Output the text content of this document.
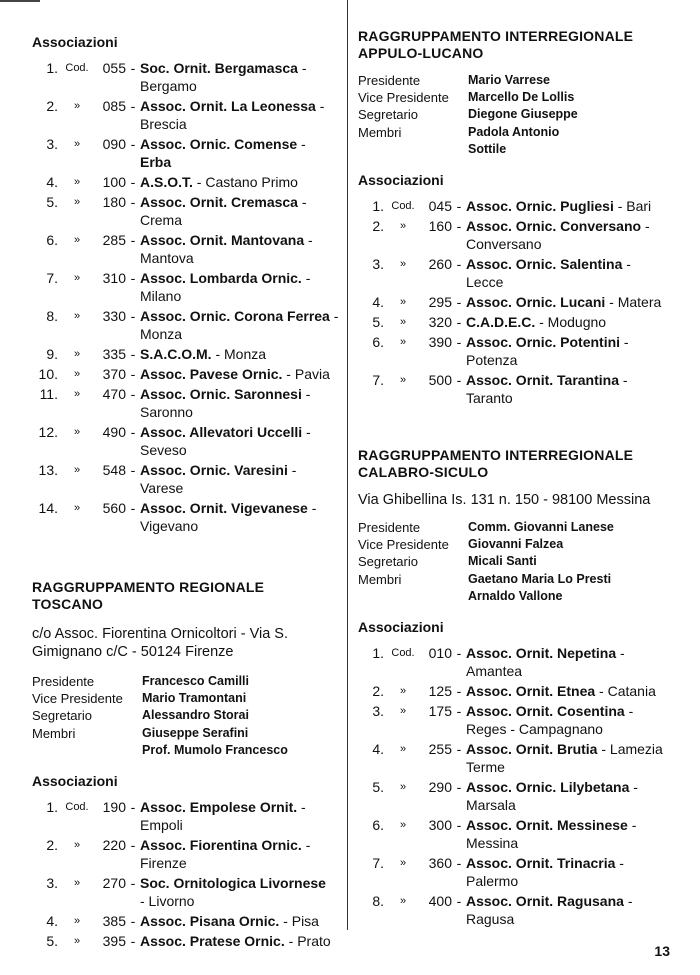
Associazioni
1. Cod.	055 - Soc. Ornit. Bergamasca -
Bergamo
2.	»	085 - Assoc. Ornit. La Leonessa -
Brescia
3.	»	090 - Assoc. Ornic. Comense -
Erba
4.	»	100 - A.S.O.T. - Castano Primo
5.	»	180 - Assoc. Ornit. Cremasca -
Crema
6.	»	285 - Assoc. Ornit. Mantovana -
Mantova
7.	»	310 - Assoc. Lombarda Ornic. -
Milano
8.	»	330 - Assoc. Ornic. Corona Ferrea - Monza
9.	»	335 - S.A.C.O.M. - Monza
10.	»	370 - Assoc. Pavese Ornic. - Pavia
11.	»	470 - Assoc. Ornic. Saronnesi -
Saronno
12.	»	490 - Assoc. Allevatori Uccelli -
Seveso
13.	»	548 - Assoc. Ornic. Varesini - Varese
14.	»	560 - Assoc. Ornit. Vigevanese -
Vigevano
RAGGRUPPAMENTO REGIONALE
TOSCANO
c/o Assoc. Fiorentina Ornicoltori - Via S. Gimignano c/C - 50124 Firenze
Presidente	Francesco Camilli
Vice Presidente	Mario Tramontani
Segretario	Alessandro Storai
Membri	Giuseppe Serafini
Prof. Mumolo Francesco
Associazioni
1. Cod.	190 - Assoc. Empolese Ornit. -
Empoli
2.	»	220 - Assoc. Fiorentina Ornic. -
Firenze
3.	»	270 - Soc. Ornitologica Livornese
- Livorno
4.	»	385 - Assoc. Pisana Ornic. - Pisa
5.	»	395 - Assoc. Pratese Ornic. - Prato
RAGGRUPPAMENTO INTERREGIONALE
APPULO-LUCANO
Presidente	Mario Varrese
Vice Presidente	Marcello De Lollis
Segretario	Diegone Giuseppe
Membri	Padola Antonio
Sottile
Associazioni
1. Cod.	045 - Assoc. Ornic. Pugliesi - Bari
2.	»	160 - Assoc. Ornic. Conversano -
Conversano
3.	»	260 - Assoc. Ornic. Salentina -
Lecce
4.	»	295 - Assoc. Ornic. Lucani - Matera
5.	»	320 - C.A.D.E.C. - Modugno
6.	»	390 - Assoc. Ornic. Potentini - Potenza
7.	»	500 - Assoc. Ornit. Tarantina - Taranto
RAGGRUPPAMENTO INTERREGIONALE
CALABRO-SICULO
Via Ghibellina Is. 131 n. 150 - 98100 Messina
Presidente	Comm. Giovanni Lanese
Vice Presidente	Giovanni Falzea
Segretario	Micali Santi
Membri	Gaetano Maria Lo Presti
Arnaldo Vallone
Associazioni
1. Cod.	010 - Assoc. Ornit. Nepetina - Amantea
2.	»	125 - Assoc. Ornit. Etnea - Catania
3.	»	175 - Assoc. Ornit. Cosentina -
Reges - Campagnano
4.	»	255 - Assoc. Ornit. Brutia - Lamezia Terme
5.	»	290 - Assoc. Ornic. Lilybetana -
Marsala
6.	»	300 - Assoc. Ornit. Messinese -
Messina
7.	»	360 - Assoc. Ornit. Trinacria - Palermo
8.	»	400 - Assoc. Ornit. Ragusana - Ragusa
13
